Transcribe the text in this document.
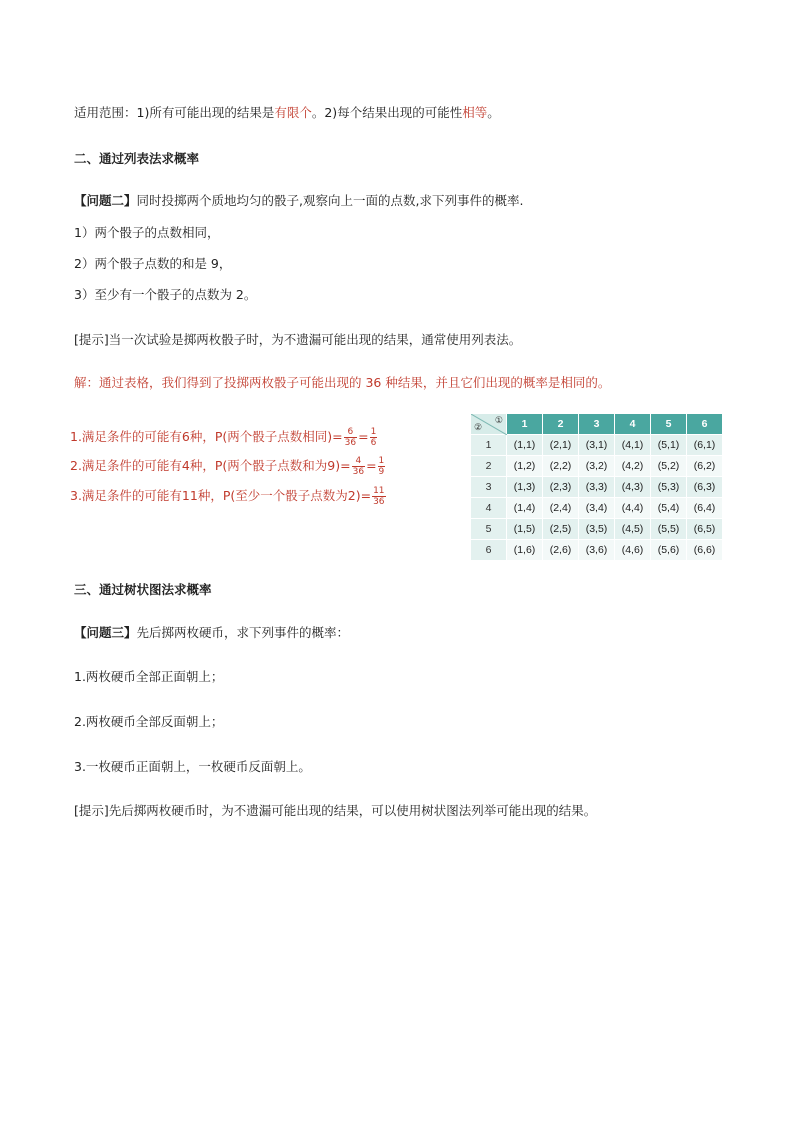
适用范围：1)所有可能出现的结果是有限个。2)每个结果出现的可能性相等。
二、通过列表法求概率
【问题二】同时投掷两个质地均匀的骰子,观察向上一面的点数,求下列事件的概率.
1）两个骰子的点数相同，
2）两个骰子点数的和是 9，
3）至少有一个骰子的点数为 2。
[提示]当一次试验是掷两枚骰子时，为不遗漏可能出现的结果，通常使用列表法。
解：通过表格，我们得到了投掷两枚骰子可能出现的 36 种结果，并且它们出现的概率是相同的。
1.满足条件的可能有6种，P(两个骰子点数相同)= $\frac{6}{36} = \frac{1}{6}$
2.满足条件的可能有4种，P(两个骰子点数和为$9)= \frac{4}{36} = \frac{1}{9}$
3.满足条件的可能有11种，P(至少一个骰子点数为$2)= \frac{11}{36}$
①
②	1	2	3	4	5	6
1	(1,1)	(2,1)	(3,1)	(4,1)	(5,1)	(6,1)
2	(1,2)	(2,2)	(3,2)	(4,2)	(5,2)	(6,2)
3	(1,3)	(2,3)	(3,3)	(4,3)	(5,3)	(6,3)
4	(1,4)	(2,4)	(3,4)	(4,4)	(5,4)	(6,4)
5	(1,5)	(2,5)	(3,5)	(4,5)	(5,5)	(6,5)
6	(1,6)	(2,6)	(3,6)	(4,6)	(5,6)	(6,6)
三、通过树状图法求概率
【问题三】先后掷两枚硬币，求下列事件的概率：
1.两枚硬币全部正面朝上；
2.两枚硬币全部反面朝上；
3.一枚硬币正面朝上，一枚硬币反面朝上。
[提示]先后掷两枚硬币时，为不遗漏可能出现的结果，可以使用树状图法列举可能出现的结果。
